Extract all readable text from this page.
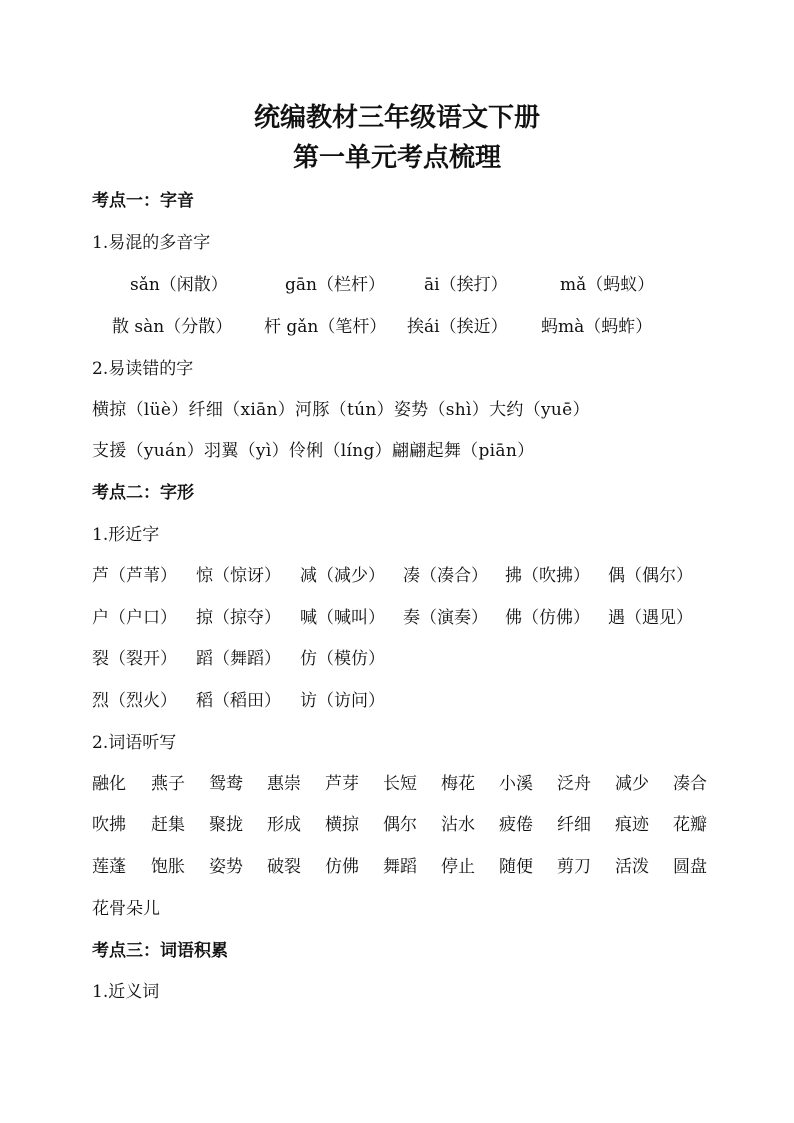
统编教材三年级语文下册
第一单元考点梳理
考点一：字音
1.易混的多音字
sǎn（闲散）	gān（栏杆） āi（挨打）	mǎ（蚂蚁）
散 sàn（分散） 杆 gǎn（笔杆） 挨ái（挨近） 蚂mà（蚂蚱）
2.易读错的字
横掠（lüè）纤细（xiān）河豚（tún）姿势（shì）大约（yuē）
支援（yuán）羽翼（yì）伶俐（líng）翩翩起舞（piān）
考点二：字形
1.形近字
芦（芦苇） 惊（惊讶） 减（减少） 凑（凑合） 拂（吹拂） 偶（偶尔）
户（户口） 掠（掠夺） 喊（喊叫） 奏（演奏） 佛（仿佛） 遇（遇见）
裂（裂开） 蹈（舞蹈） 仿（模仿）
烈（烈火） 稻（稻田） 访（访问）
2.词语听写
融化 燕子 鸳鸯 惠崇 芦芽 长短 梅花 小溪 泛舟 减少 凑合
吹拂 赶集 聚拢 形成 横掠 偶尔 沾水 疲倦 纤细 痕迹 花瓣
莲蓬 饱胀 姿势 破裂 仿佛 舞蹈 停止 随便 剪刀 活泼 圆盘
花骨朵儿
考点三：词语积累
1.近义词
